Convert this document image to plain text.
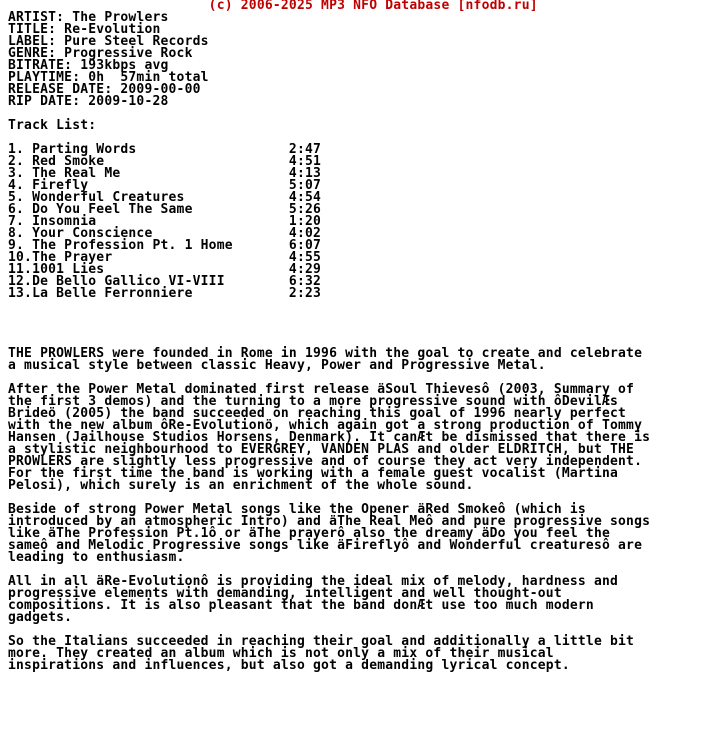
(c) 2006-2025 MP3 NFO Database [nfodb.ru]
ARTIST: The Prowlers
TITLE: Re-Evolution
LABEL: Pure Steel Records
GENRE: Progressive Rock
BITRATE: 193kbps avg
PLAYTIME: 0h  57min total
RELEASE DATE: 2009-00-00
RIP DATE: 2009-10-28

Track List:

1. Parting Words                   2:47
2. Red Smoke                       4:51
3. The Real Me                     4:13
4. Firefly                         5:07
5. Wonderful Creatures             4:54
6. Do You Feel The Same            5:26
7. Insomnia                        1:20
8. Your Conscience                 4:02
9. The Profession Pt. 1 Home       6:07
10.The Prayer                      4:55
11.1001 Lies                       4:29
12.De Bello Gallico VI-VIII        6:32
13.La Belle Ferronniere            2:23

THE PROWLERS were founded in Rome in 1996 with the goal to create and celebrate
a musical style between classic Heavy, Power and Progressive Metal.

After the Power Metal dominated first release äSoul Thievesô (2003, Summary of
the first 3 demos) and the turning to a more progressive sound with ôDevilÆs
Brideö (2005) the band succeeded on reaching this goal of 1996 nearly perfect
with the new album ôRe-Evolutionö, which again got a strong production of Tommy
Hansen (Jailhouse Studios Horsens, Denmark). It canÆt be dismissed that there is
a stylistic neighbourhood to EVERGREY, VANDEN PLAS and older ELDRITCH, but THE
PROWLERS are slightly less progressive and of course they act very independent.
For the first time the band is working with a female guest vocalist (Martina
Pelosi), which surely is an enrichment of the whole sound.

Beside of strong Power Metal songs like the Opener äRed Smokeô (which is
introduced by an atmospheric Intro) and äThe Real Meô and pure progressive songs
like äThe Profession Pt.1ô or äThe prayerô also the dreamy äDo you feel the
sameô and Melodic Progressive songs like äFireflyô and Wonderful creaturesô are
leading to enthusiasm.

All in all äRe-Evolutionô is providing the ideal mix of melody, hardness and
progressive elements with demanding, intelligent and well thought-out
compositions. It is also pleasant that the band donÆt use too much modern
gadgets.

So the Italians succeeded in reaching their goal and additionally a little bit
more. They created an album which is not only a mix of their musical
inspirations and influences, but also got a demanding lyrical concept.
